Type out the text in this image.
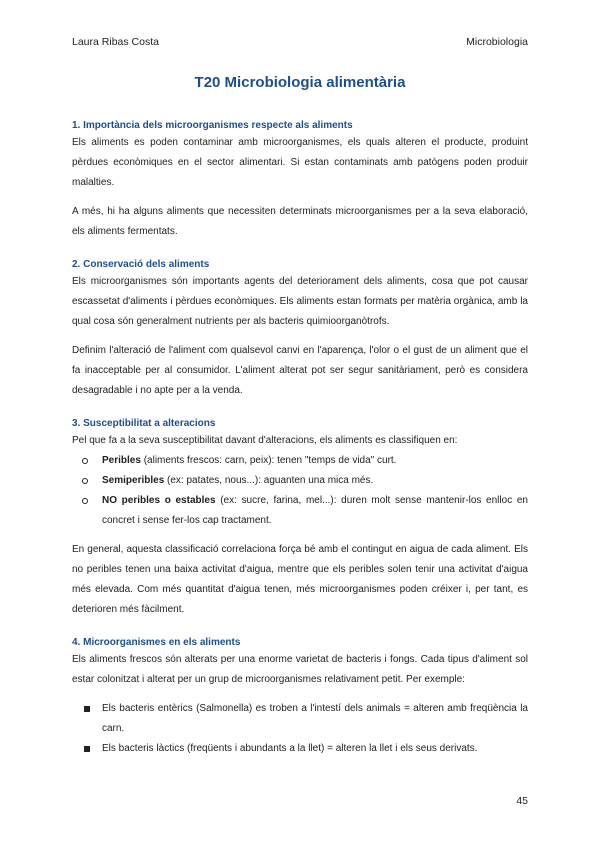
Laura Ribas Costa	Microbiologia
T20 Microbiologia alimentària
1. Importància dels microorganismes respecte als aliments

Els aliments es poden contaminar amb microorganismes, els quals alteren el producte, produint pèrdues econòmiques en el sector alimentari. Si estan contaminats amb patògens poden produir malalties.

A més, hi ha alguns aliments que necessiten determinats microorganismes per a la seva elaboració, els aliments fermentats.

2. Conservació dels aliments

Els microorganismes són importants agents del deteriorament dels aliments, cosa que pot causar escassetat d'aliments i pèrdues econòmiques. Els aliments estan formats per matèria orgànica, amb la qual cosa són generalment nutrients per als bacteris quimioorganòtrofs.

Definim l'alteració de l'aliment com qualsevol canvi en l'aparença, l'olor o el gust de un aliment que el fa inacceptable per al consumidor. L'aliment alterat pot ser segur sanitàriament, però es considera desagradable i no apte per a la venda.

3. Susceptibilitat a alteracions

Pel que fa a la seva susceptibilitat davant d'alteracions, els aliments es classifiquen en:

Peribles (aliments frescos: carn, peix): tenen "temps de vida" curt.
Semiperibles (ex: patates, nous...): aguanten una mica més.
NO peribles o estables (ex: sucre, farina, mel...): duren molt sense mantenir-los enlloc en concret i sense fer-los cap tractament.

En general, aquesta classificació correlaciona força bé amb el contingut en aigua de cada aliment. Els no peribles tenen una baixa activitat d'aigua, mentre que els peribles solen tenir una activitat d'aigua més elevada. Com més quantitat d'aigua tenen, més microorganismes poden créixer i, per tant, es deterioren més fàcilment.

4. Microorganismes en els aliments

Els aliments frescos són alterats per una enorme varietat de bacteris i fongs. Cada tipus d'aliment sol estar colonitzat i alterat per un grup de microorganismes relativament petit. Per exemple:

Els bacteris entèrics (Salmonella) es troben a l'intestí dels animals = alteren amb freqüència la carn.
Els bacteris làctics (freqüents i abundants a la llet) = alteren la llet i els seus derivats.
45
